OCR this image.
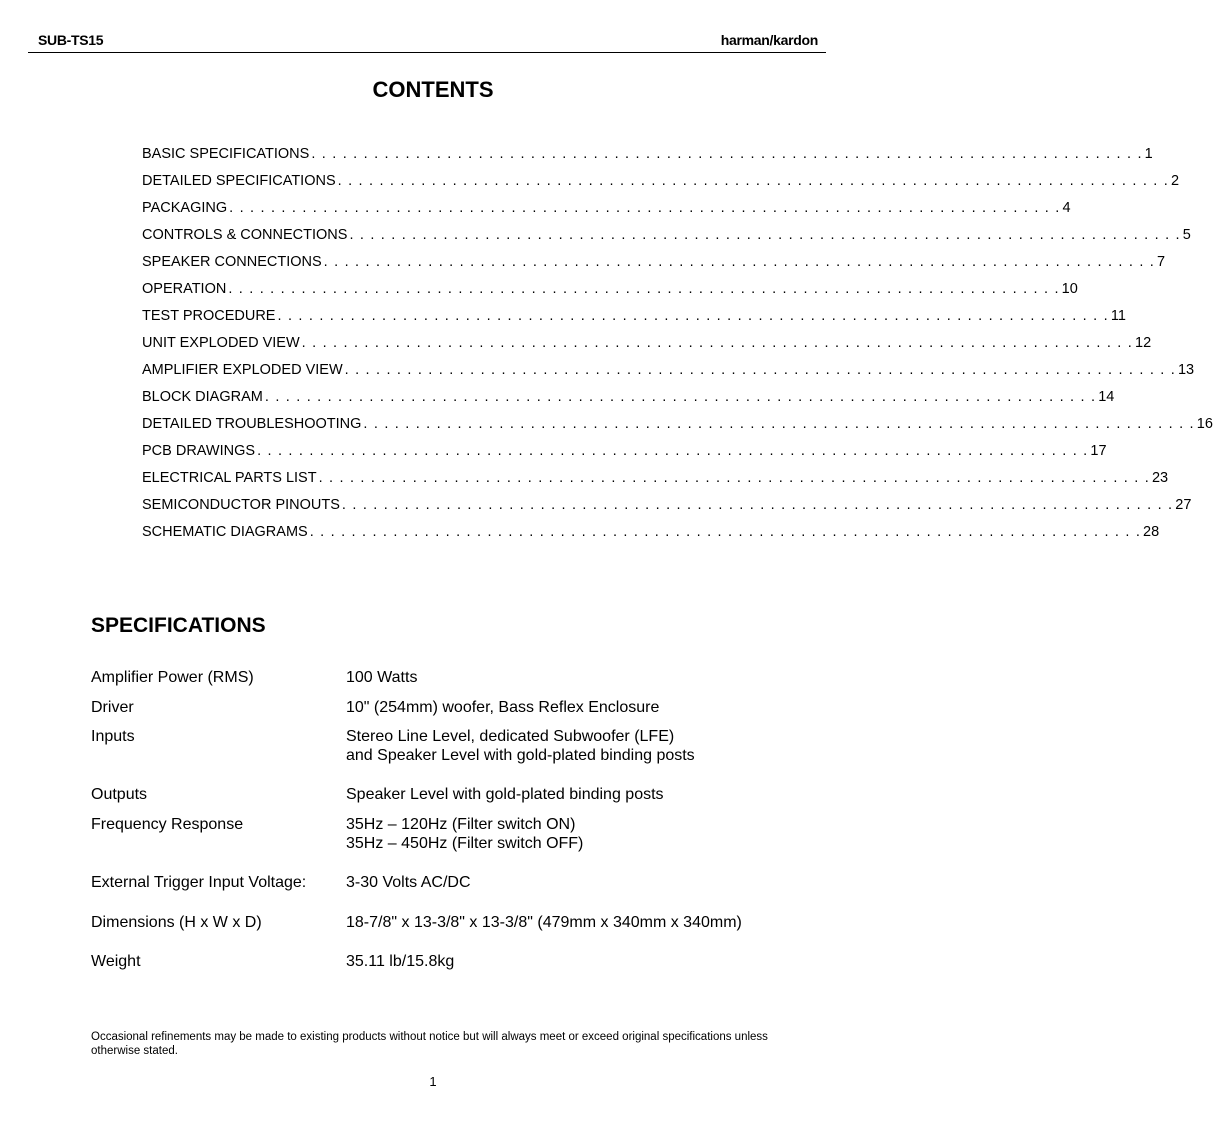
SUB-TS15	harman/kardon
CONTENTS
BASIC SPECIFICATIONS . . . . . . . . . . . . . . . . . . . . . . . . . . . . . . . . . . . . . . . . . . . . . . . . . . . . . . . . . . . . . . . . . . . . . . . . . . . . . . . . 1
DETAILED SPECIFICATIONS . . . . . . . . . . . . . . . . . . . . . . . . . . . . . . . . . . . . . . . . . . . . . . . . . . . . . . . . . . . . . . . . . . . . . . . . . . . . . . . . 2
PACKAGING . . . . . . . . . . . . . . . . . . . . . . . . . . . . . . . . . . . . . . . . . . . . . . . . . . . . . . . . . . . . . . . . . . . . . . . . . . . . . . . . 4
CONTROLS & CONNECTIONS . . . . . . . . . . . . . . . . . . . . . . . . . . . . . . . . . . . . . . . . . . . . . . . . . . . . . . . . . . . . . . . . . . . . . . . . . . . . . . . . 5
SPEAKER CONNECTIONS . . . . . . . . . . . . . . . . . . . . . . . . . . . . . . . . . . . . . . . . . . . . . . . . . . . . . . . . . . . . . . . . . . . . . . . . . . . . . . . . 7
OPERATION . . . . . . . . . . . . . . . . . . . . . . . . . . . . . . . . . . . . . . . . . . . . . . . . . . . . . . . . . . . . . . . . . . . . . . . . . . . . . . . . 10
TEST PROCEDURE . . . . . . . . . . . . . . . . . . . . . . . . . . . . . . . . . . . . . . . . . . . . . . . . . . . . . . . . . . . . . . . . . . . . . . . . . . . . . . . . 11
UNIT EXPLODED VIEW . . . . . . . . . . . . . . . . . . . . . . . . . . . . . . . . . . . . . . . . . . . . . . . . . . . . . . . . . . . . . . . . . . . . . . . . . . . . . . . . 12
AMPLIFIER EXPLODED VIEW . . . . . . . . . . . . . . . . . . . . . . . . . . . . . . . . . . . . . . . . . . . . . . . . . . . . . . . . . . . . . . . . . . . . . . . . . . . . . . . . 13
BLOCK DIAGRAM . . . . . . . . . . . . . . . . . . . . . . . . . . . . . . . . . . . . . . . . . . . . . . . . . . . . . . . . . . . . . . . . . . . . . . . . . . . . . . . . 14
DETAILED TROUBLESHOOTING . . . . . . . . . . . . . . . . . . . . . . . . . . . . . . . . . . . . . . . . . . . . . . . . . . . . . . . . . . . . . . . . . . . . . . . . . . . . . . . . 16
PCB DRAWINGS . . . . . . . . . . . . . . . . . . . . . . . . . . . . . . . . . . . . . . . . . . . . . . . . . . . . . . . . . . . . . . . . . . . . . . . . . . . . . . . . 17
ELECTRICAL PARTS LIST . . . . . . . . . . . . . . . . . . . . . . . . . . . . . . . . . . . . . . . . . . . . . . . . . . . . . . . . . . . . . . . . . . . . . . . . . . . . . . . . 23
SEMICONDUCTOR PINOUTS . . . . . . . . . . . . . . . . . . . . . . . . . . . . . . . . . . . . . . . . . . . . . . . . . . . . . . . . . . . . . . . . . . . . . . . . . . . . . . . . 27
SCHEMATIC DIAGRAMS . . . . . . . . . . . . . . . . . . . . . . . . . . . . . . . . . . . . . . . . . . . . . . . . . . . . . . . . . . . . . . . . . . . . . . . . . . . . . . . . 28
SPECIFICATIONS
Amplifier Power (RMS)	100 Watts
Driver	10" (254mm) woofer, Bass Reflex Enclosure
Inputs	Stereo Line Level, dedicated Subwoofer (LFE)
and Speaker Level with gold-plated binding posts
Outputs	Speaker Level with gold-plated binding posts
Frequency Response	35Hz – 120Hz (Filter switch ON)
35Hz – 450Hz (Filter switch OFF)
External Trigger Input Voltage: 3-30 Volts AC/DC
Dimensions (H x W x D)	18-7/8" x 13-3/8" x 13-3/8" (479mm x 340mm x 340mm)
Weight	35.11 lb/15.8kg
Occasional refinements may be made to existing products without notice but will always meet or exceed original specifications unless otherwise stated.
1
